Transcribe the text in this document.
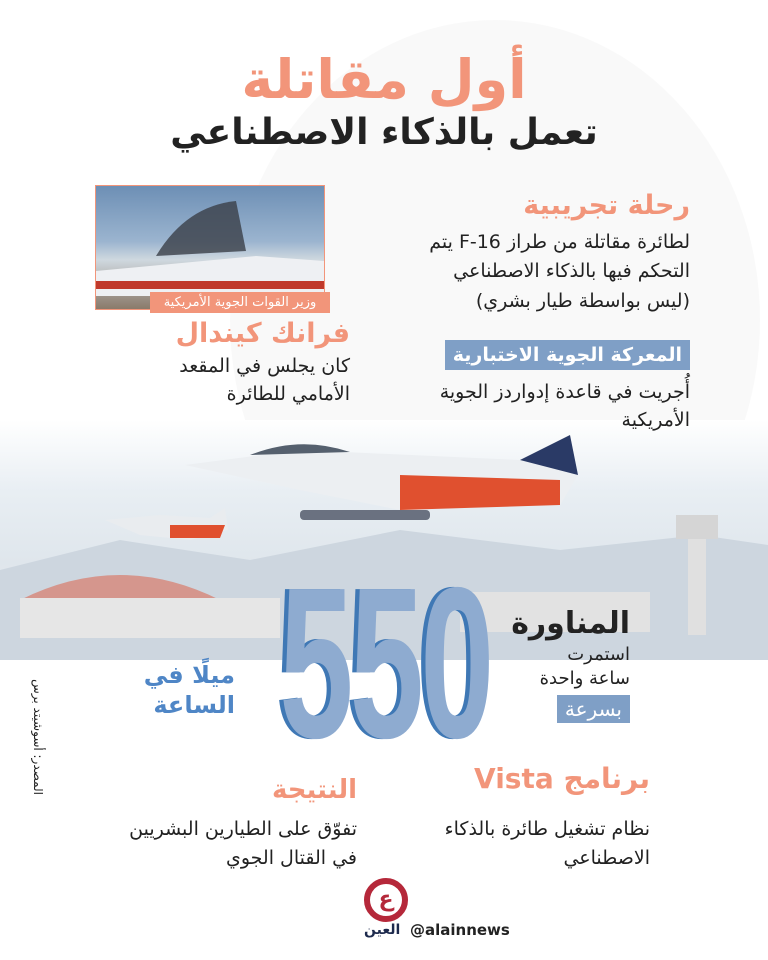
أول مقاتلة
تعمل بالذكاء الاصطناعي
وزير القوات الجوية الأمريكية
فرانك كيندال
كان يجلس في المقعد
الأمامي للطائرة
رحلة تجريبية
لطائرة مقاتلة من طراز F-16 يتم
التحكم فيها بالذكاء الاصطناعي
(ليس بواسطة طيار بشري)
المعركة الجوية الاختبارية
أُجريت في قاعدة إدواردز الجوية
الأمريكية
550
ميلًا في
الساعة
المناورة
استمرت
ساعة واحدة
بسرعة
برنامج Vista
نظام تشغيل طائرة بالذكاء
الاصطناعي
النتيجة
تفوّق على الطيارين البشريين
في القتال الجوي
المصدر: أسوشيتد برس
ع
العين @alainnews
